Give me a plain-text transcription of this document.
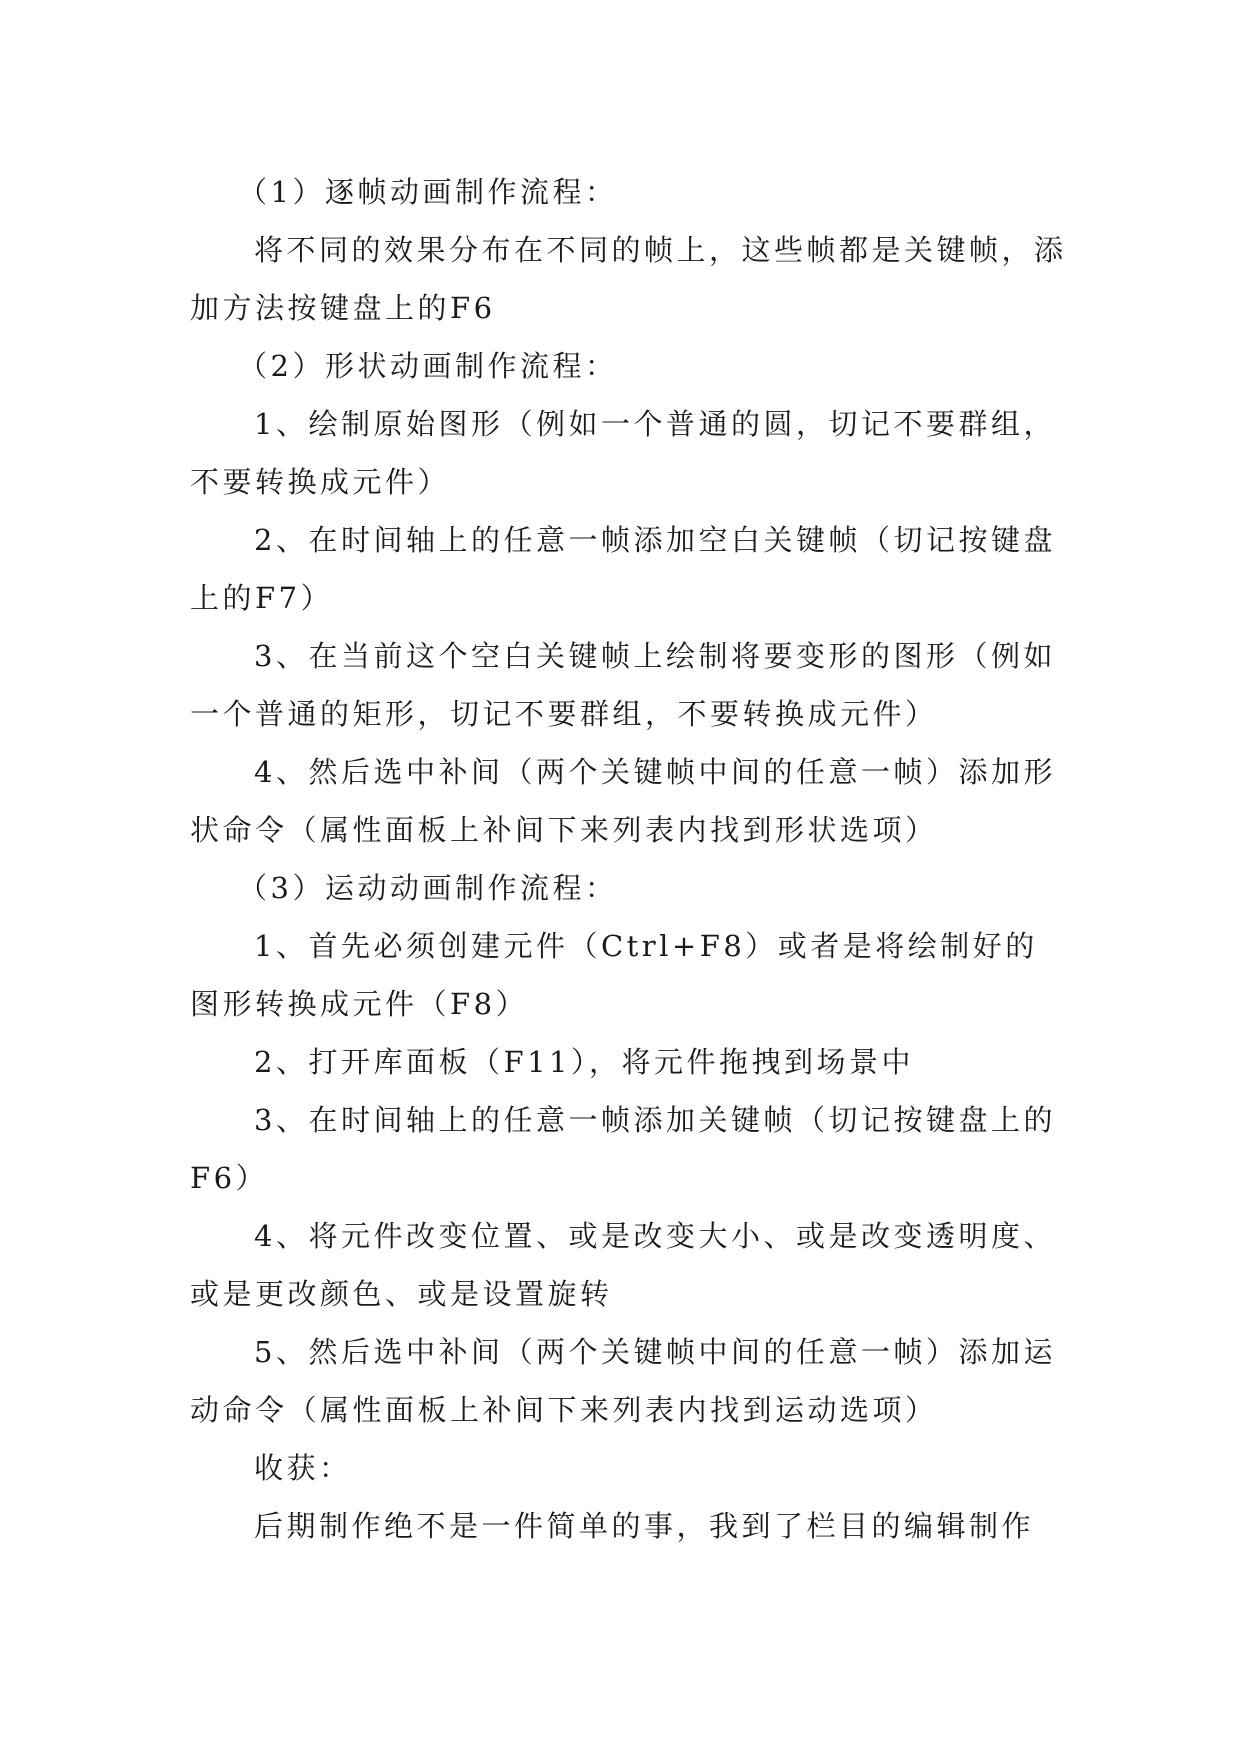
（1）逐帧动画制作流程：

将不同的效果分布在不同的帧上，这些帧都是关键帧，添加方法按键盘上的F6

（2）形状动画制作流程：

1、绘制原始图形（例如一个普通的圆，切记不要群组，不要转换成元件）

2、在时间轴上的任意一帧添加空白关键帧（切记按键盘上的F7）

3、在当前这个空白关键帧上绘制将要变形的图形（例如一个普通的矩形，切记不要群组，不要转换成元件）

4、然后选中补间（两个关键帧中间的任意一帧）添加形状命令（属性面板上补间下来列表内找到形状选项）

（3）运动动画制作流程：

1、首先必须创建元件（Ctrl+F8）或者是将绘制好的图形转换成元件（F8）

2、打开库面板（F11），将元件拖拽到场景中

3、在时间轴上的任意一帧添加关键帧（切记按键盘上的F6）

4、将元件改变位置、或是改变大小、或是改变透明度、或是更改颜色、或是设置旋转

5、然后选中补间（两个关键帧中间的任意一帧）添加运动命令（属性面板上补间下来列表内找到运动选项）

收获：

后期制作绝不是一件简单的事，我到了栏目的编辑制作
